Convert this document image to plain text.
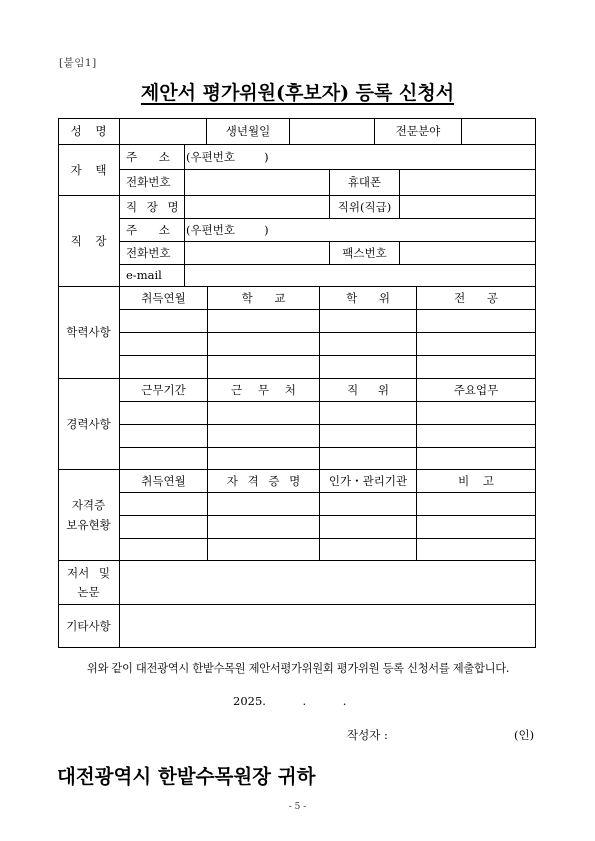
[붙임1]
제안서 평가위원(후보자) 등록 신청서
성 명	생년월일	전문분야
자 택
주 소	(우편번호        )
전화번호	휴대폰
직 장
직 장 명	직위(직급)
주 소	(우편번호        )
전화번호	팩스번호
e-mail
학력사항
취득연월	학 교	학 위	전 공
경력사항
근무기간	근 무 처	직 위	주요업무
자격증
보유현황
취득연월	자 격 증 명	인가・관리기관	비 고
저서 및
논문
기타사항
위와 같이 대전광역시 한밭수목원 제안서평가위원회 평가위원 등록 신청서를 제출합니다.
2025.          .          .
작성자 :	(인)
대전광역시 한밭수목원장 귀하
- 5 -
